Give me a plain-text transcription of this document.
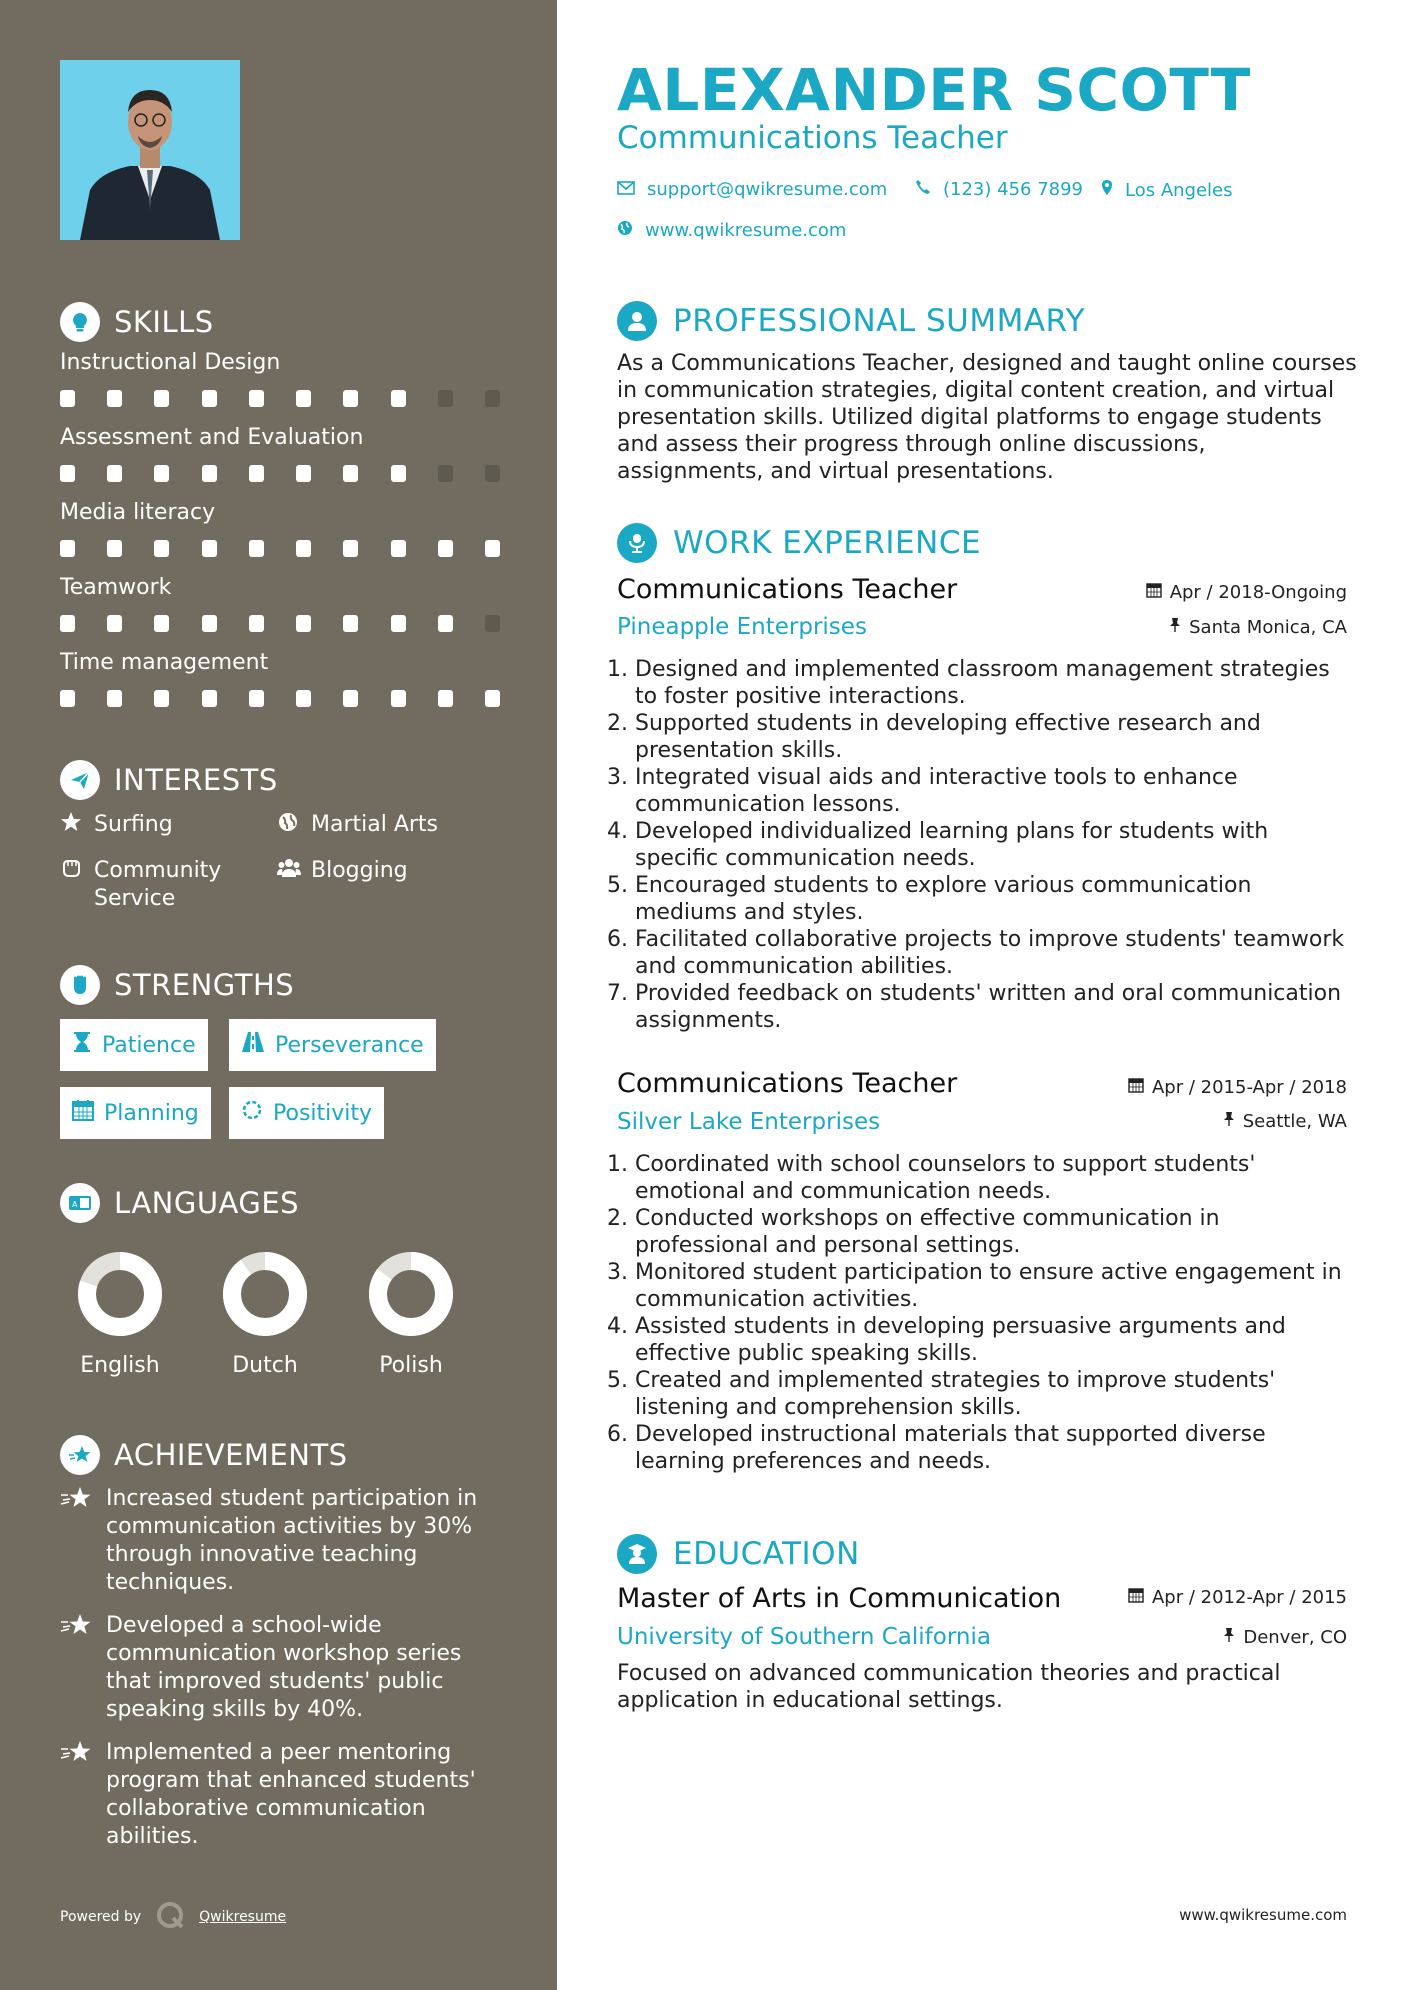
SKILLS
Instructional Design
Assessment and Evaluation
Media literacy
Teamwork
Time management
INTERESTS
Surfing	Martial Arts
Community Service
Blogging
STRENGTHS
Patience	Perseverance
Planning	Positivity
A LANGUAGES
English	Dutch	Polish
ACHIEVEMENTS
Increased student participation in communication activities by 30% through innovative teaching techniques.
Developed a school-wide communication workshop series that improved students' public speaking skills by 40%.
Implemented a peer mentoring program that enhanced students' collaborative communication abilities.
Powered by	Qwikresume
ALEXANDER SCOTT
Communications Teacher
support@qwikresume.com	(123) 456 7899 Los Angeles
www.qwikresume.com
PROFESSIONAL SUMMARY
As a Communications Teacher, designed and taught online courses in communication strategies, digital content creation, and virtual presentation skills. Utilized digital platforms to engage students and assess their progress through online discussions, assignments, and virtual presentations.
WORK EXPERIENCE
Communications Teacher	Apr / 2018-Ongoing
Pineapple Enterprises	Santa Monica, CA
1. Designed and implemented classroom management strategies to foster positive interactions.
2. Supported students in developing effective research and presentation skills.
3. Integrated visual aids and interactive tools to enhance communication lessons.
4. Developed individualized learning plans for students with specific communication needs.
5. Encouraged students to explore various communication mediums and styles.
6. Facilitated collaborative projects to improve students' teamwork and communication abilities.
7. Provided feedback on students' written and oral communication assignments.
Communications Teacher	Apr / 2015-Apr / 2018
Silver Lake Enterprises	Seattle, WA
1. Coordinated with school counselors to support students' emotional and communication needs.
2. Conducted workshops on effective communication in professional and personal settings.
3. Monitored student participation to ensure active engagement in communication activities.
4. Assisted students in developing persuasive arguments and effective public speaking skills.
5. Created and implemented strategies to improve students' listening and comprehension skills.
6. Developed instructional materials that supported diverse learning preferences and needs.
EDUCATION
Master of Arts in Communication	Apr / 2012-Apr / 2015
University of Southern California	Denver, CO
Focused on advanced communication theories and practical application in educational settings.
www.qwikresume.com
